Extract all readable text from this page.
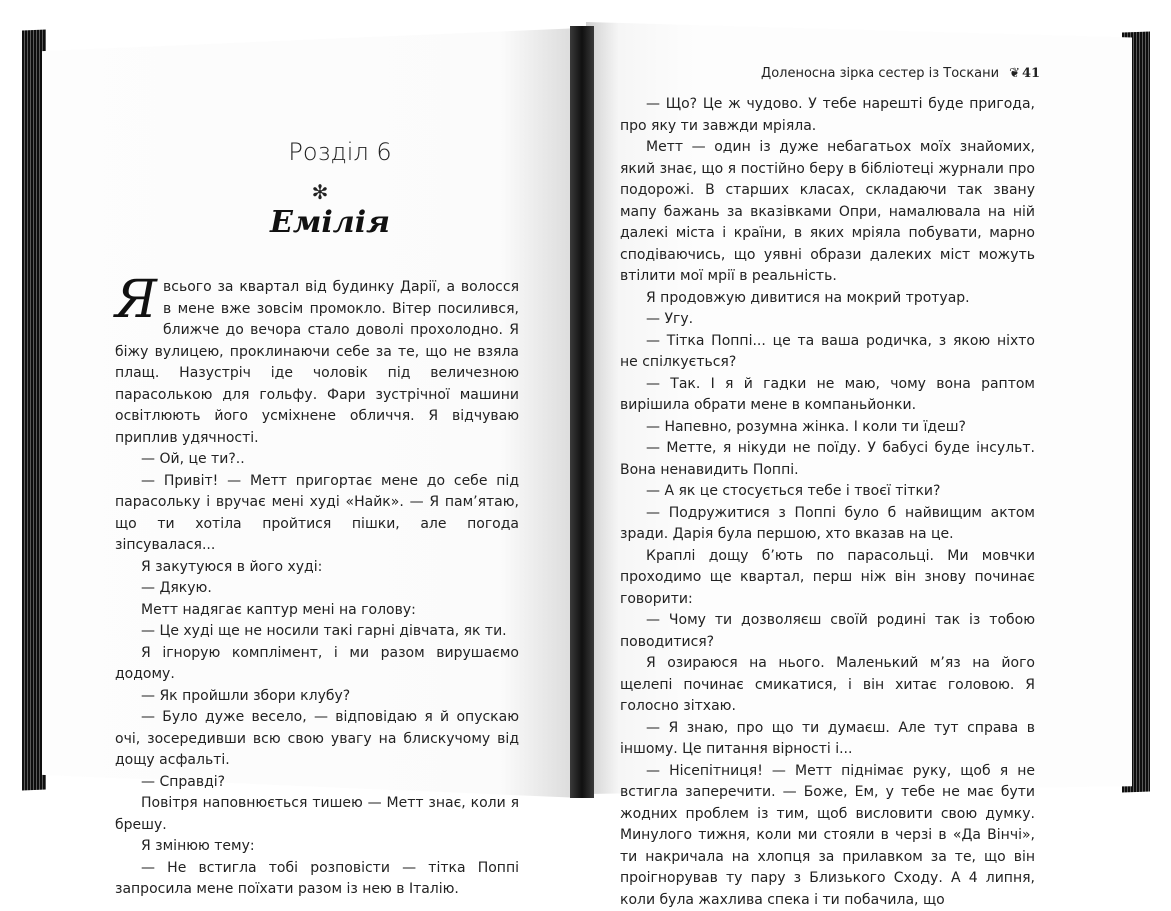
Доленосна зірка сестер із Тоскани ❦ 41
Розділ 6
✻
Емілія

Явсього за квартал від будинку Дарії, а волосся в мене вже зовсім промокло. Вітер посилився, ближче до вечора стало доволі прохолодно. Я біжу вулицею, проклинаючи себе за те, що не взяла плащ. Назустріч іде чоловік під величезною парасолькою для гольфу. Фари зустрічної машини освітлюють його усміхнене обличчя. Я відчуваю приплив удячності.

— Ой, це ти?..

— Привіт! — Метт пригортає мене до себе під парасольку і вручає мені худі «Найк». — Я пам’ятаю, що ти хотіла пройтися пішки, але погода зіпсувалася...

Я закутуюся в його худі:

— Дякую.

Метт надягає каптур мені на голову:

— Це худі ще не носили такі гарні дівчата, як ти.

Я ігнорую комплімент, і ми разом вирушаємо додому.

— Як пройшли збори клубу?

— Було дуже весело, — відповідаю я й опускаю очі, зосередивши всю свою увагу на блискучому від дощу асфальті.

— Справді?

Повітря наповнюється тишею — Метт знає, коли я брешу.

Я змінюю тему:

— Не встигла тобі розповісти — тітка Поппі запросила мене поїхати разом із нею в Італію.

— Що? Це ж чудово. У тебе нарешті буде пригода, про яку ти завжди мріяла.

Метт — один із дуже небагатьох моїх знайомих, який знає, що я постійно беру в бібліотеці журнали про подорожі. В старших класах, складаючи так звану мапу бажань за вказівками Опри, намалювала на ній далекі міста і країни, в яких мріяла побувати, марно сподіваючись, що уявні образи далеких міст можуть втілити мої мрії в реальність.

Я продовжую дивитися на мокрий тротуар.

— Угу.

— Тітка Поппі... це та ваша родичка, з якою ніхто не спілкується?

— Так. І я й гадки не маю, чому вона раптом вирішила обрати мене в компаньйонки.

— Напевно, розумна жінка. І коли ти їдеш?

— Метте, я нікуди не поїду. У бабусі буде інсульт. Вона ненавидить Поппі.

— А як це стосується тебе і твоєї тітки?

— Подружитися з Поппі було б найвищим актом зради. Дарія була першою, хто вказав на це.

Краплі дощу б’ють по парасольці. Ми мовчки проходимо ще квартал, перш ніж він знову починає говорити:

— Чому ти дозволяєш своїй родині так із тобою поводитися?

Я озираюся на нього. Маленький м’яз на його щелепі починає смикатися, і він хитає головою. Я голосно зітхаю.

— Я знаю, про що ти думаєш. Але тут справа в іншому. Це питання вірності і...

— Нісепітниця! — Метт піднімає руку, щоб я не встигла заперечити. — Боже, Ем, у тебе не має бути жодних проблем із тим, щоб висловити свою думку. Минулого тижня, коли ми стояли в черзі в «Да Вінчі», ти накричала на хлопця за прилавком за те, що він проігнорував ту пару з Близького Сходу. А 4 липня, коли була жахлива спека і ти побачила, що
